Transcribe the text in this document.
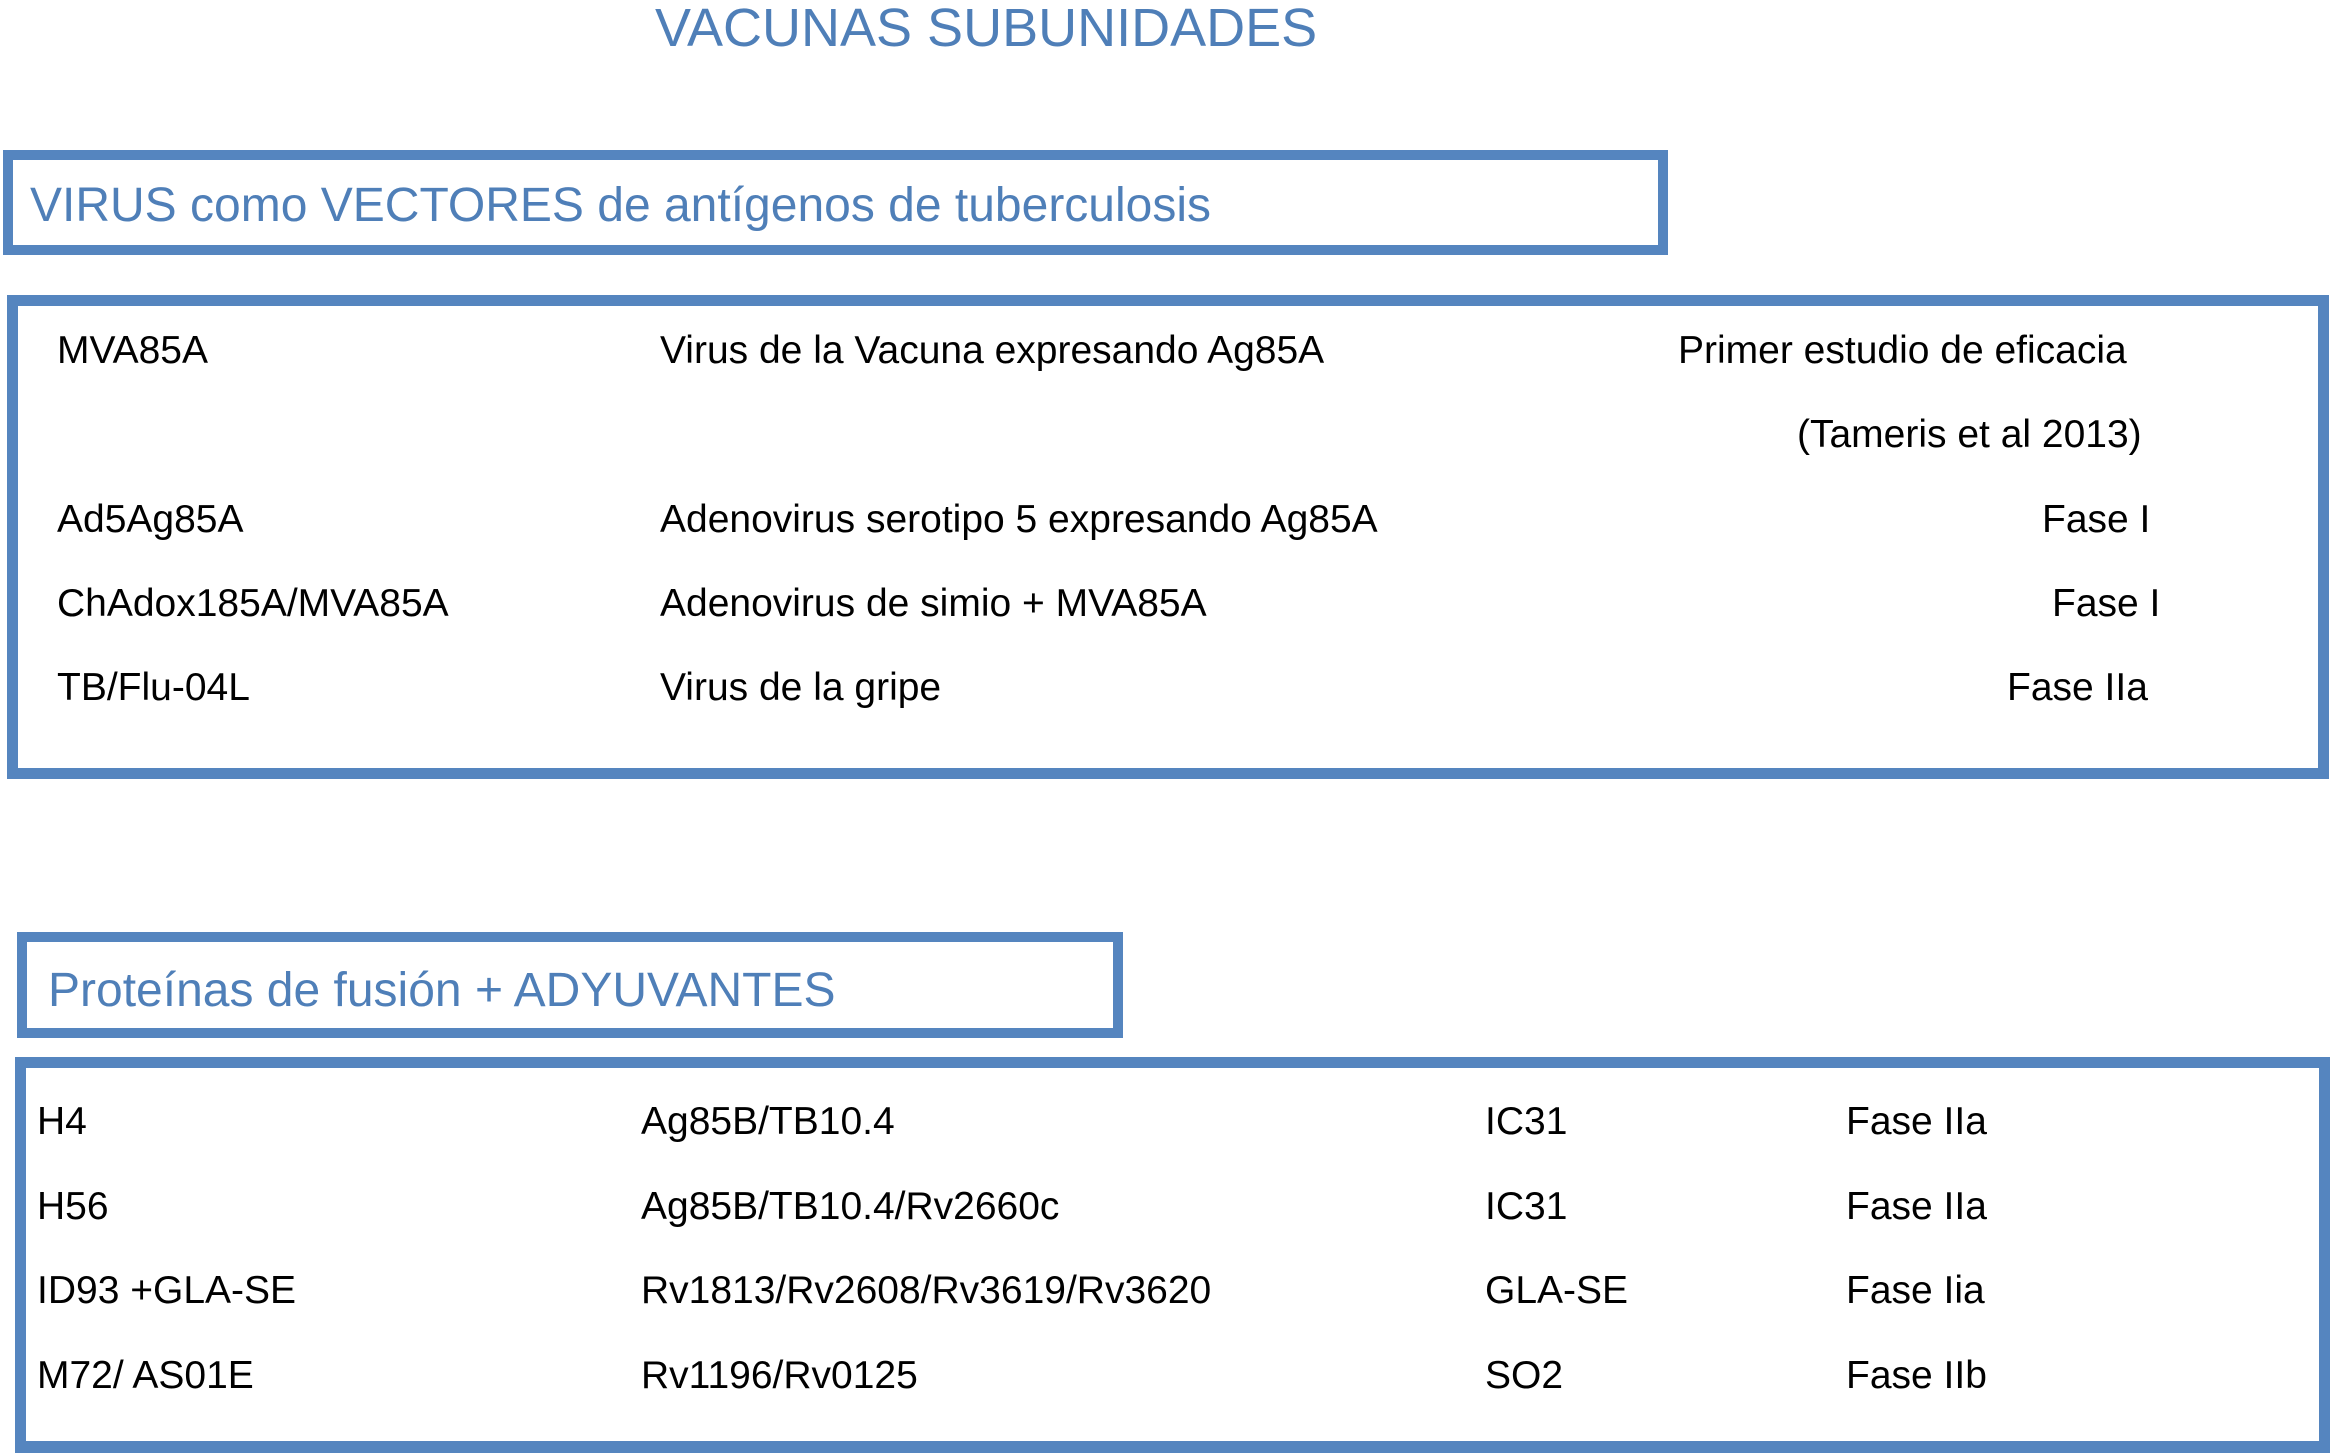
VACUNAS SUBUNIDADES
VIRUS como VECTORES de antígenos de tuberculosis
MVA85A	Virus de la Vacuna expresando Ag85A	Primer estudio de eficacia
(Tameris et al 2013)
Ad5Ag85A	Adenovirus serotipo 5 expresando Ag85A	Fase I
ChAdox185A/MVA85A	Adenovirus de simio + MVA85A	Fase I
TB/Flu-04L	Virus de la gripe	Fase IIa
Proteínas de fusión + ADYUVANTES
H4	Ag85B/TB10.4	IC31	Fase IIa
H56	Ag85B/TB10.4/Rv2660c	IC31	Fase IIa
ID93 +GLA-SE	Rv1813/Rv2608/Rv3619/Rv3620	GLA-SE	Fase Iia
M72/ AS01E	Rv1196/Rv0125	SO2	Fase IIb
